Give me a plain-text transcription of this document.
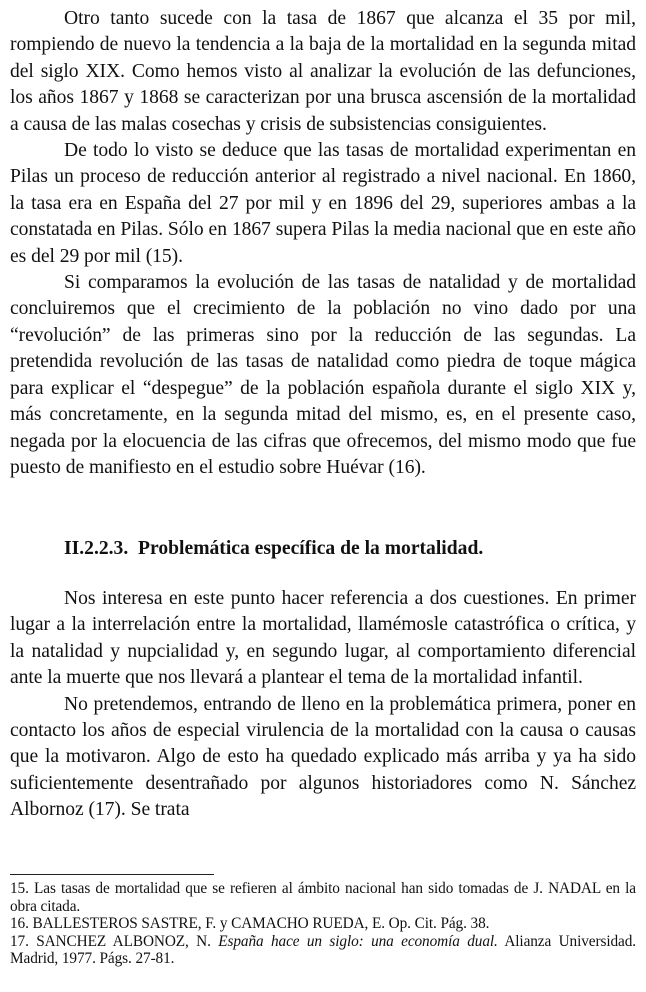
Otro tanto sucede con la tasa de 1867 que alcanza el 35 por mil, rompiendo de nuevo la tendencia a la baja de la mortalidad en la segunda mitad del siglo XIX. Como hemos visto al analizar la evolución de las defunciones, los años 1867 y 1868 se caracterizan por una brusca ascensión de la mortalidad a causa de las malas cosechas y crisis de subsistencias consiguientes.

De todo lo visto se deduce que las tasas de mortalidad experimentan en Pilas un proceso de reducción anterior al registrado a nivel nacional. En 1860, la tasa era en España del 27 por mil y en 1896 del 29, superiores ambas a la constatada en Pilas. Sólo en 1867 supera Pilas la media nacional que en este año es del 29 por mil (15).

Si comparamos la evolución de las tasas de natalidad y de mortalidad concluiremos que el crecimiento de la población no vino dado por una “revolución” de las primeras sino por la reducción de las segundas. La pretendida revolución de las tasas de natalidad como piedra de toque mágica para explicar el “despegue” de la población española durante el siglo XIX y, más concretamente, en la segunda mitad del mismo, es, en el presente caso, negada por la elocuencia de las cifras que ofrecemos, del mismo modo que fue puesto de manifiesto en el estudio sobre Huévar (16).

II.2.2.3. Problemática específica de la mortalidad.

Nos interesa en este punto hacer referencia a dos cuestiones. En primer lugar a la interrelación entre la mortalidad, llamémosle catastrófica o crítica, y la natalidad y nupcialidad y, en segundo lugar, al comportamiento diferencial ante la muerte que nos llevará a plantear el tema de la mortalidad infantil.

No pretendemos, entrando de lleno en la problemática primera, poner en contacto los años de especial virulencia de la mortalidad con la causa o causas que la motivaron. Algo de esto ha quedado explicado más arriba y ya ha sido suficientemente desentrañado por algunos historiadores como N. Sánchez Albornoz (17). Se trata

15. Las tasas de mortalidad que se refieren al ámbito nacional han sido tomadas de J. NADAL en la obra citada.

16. BALLESTEROS SASTRE, F. y CAMACHO RUEDA, E. Op. Cit. Pág. 38.

17. SANCHEZ ALBONOZ, N. España hace un siglo: una economía dual. Alianza Universidad. Madrid, 1977. Págs. 27-81.
